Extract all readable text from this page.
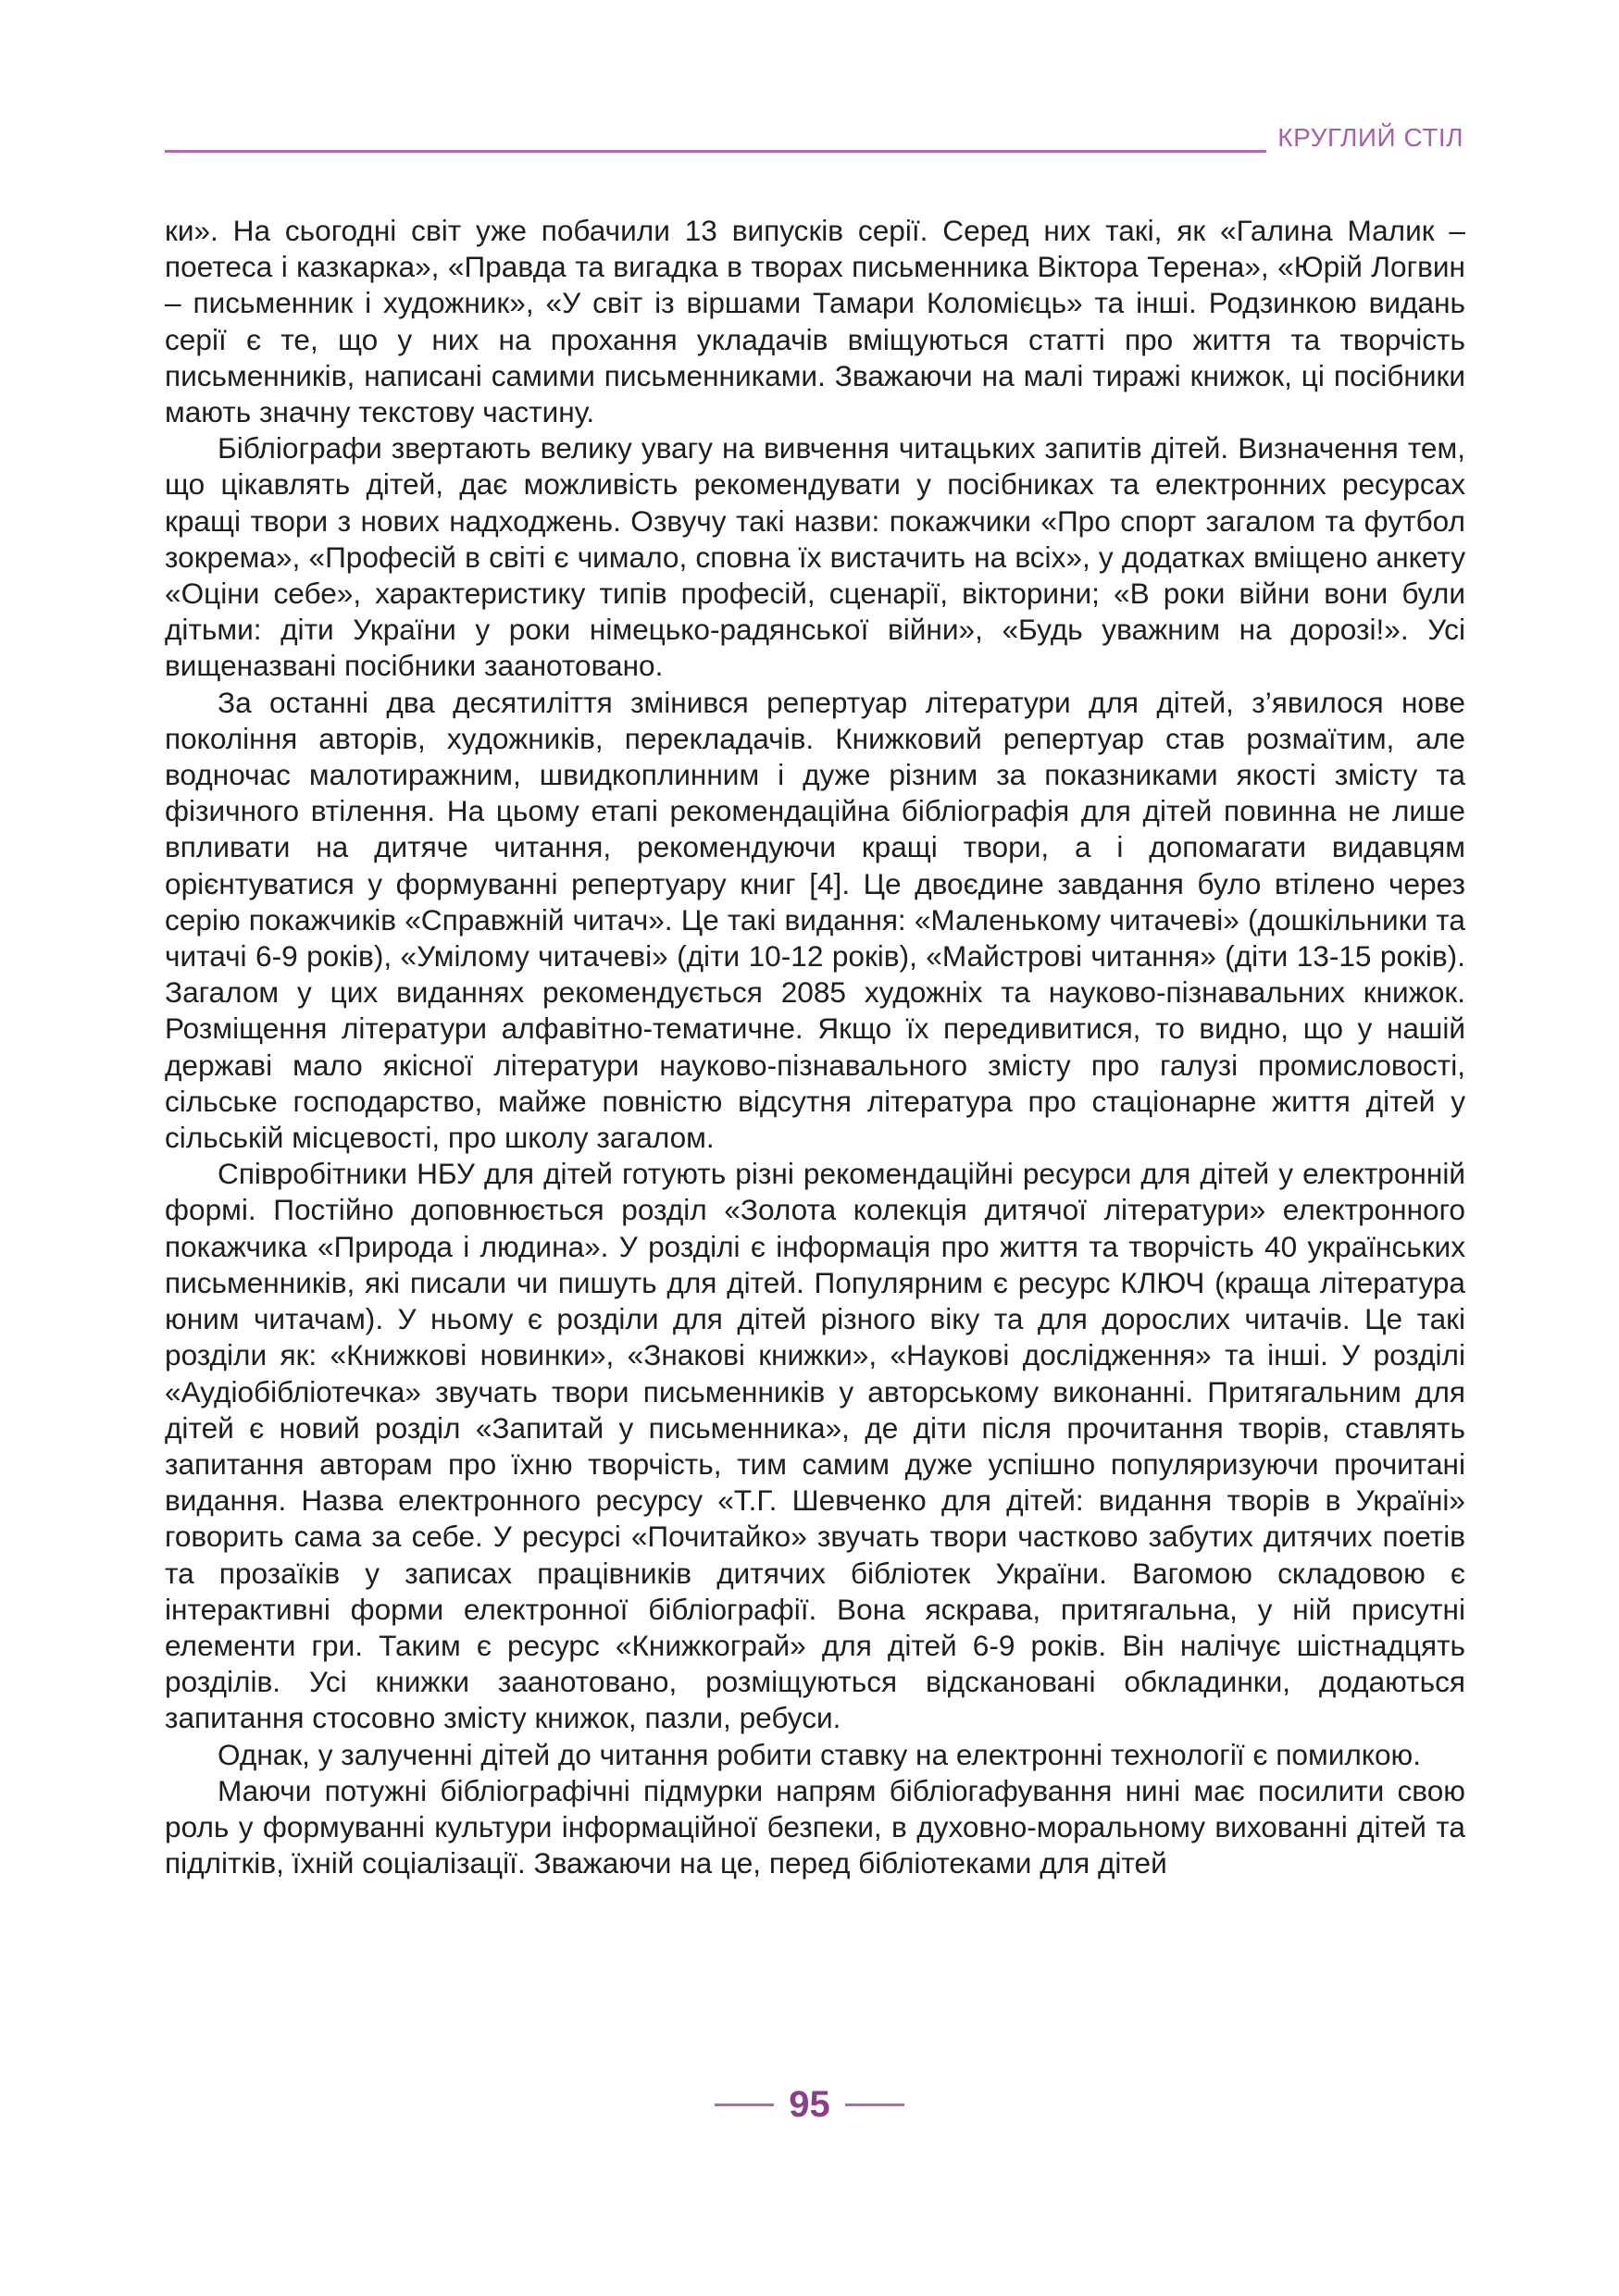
КРУГЛИЙ СТІЛ

ки». На сьогодні світ уже побачили 13 випусків серії. Серед них такі, як «Галина Малик – поетеса і казкарка», «Правда та вигадка в творах письменника Віктора Терена», «Юрій Логвин – письменник і художник», «У світ із віршами Тамари Коломієць» та інші. Родзинкою видань серії є те, що у них на прохання укладачів вміщуються статті про життя та творчість письменників, написані самими письменниками. Зважаючи на малі тиражі книжок, ці посібники мають значну текстову частину.

Бібліографи звертають велику увагу на вивчення читацьких запитів дітей. Визначення тем, що цікавлять дітей, дає можливість рекомендувати у посібниках та електронних ресурсах кращі твори з нових надходжень. Озвучу такі назви: покажчики «Про спорт загалом та футбол зокрема», «Професій в світі є чимало, сповна їх вистачить на всіх», у додатках вміщено анкету «Оціни себе», характеристику типів професій, сценарії, вікторини; «В роки війни вони були дітьми: діти України у роки німецько-радянської війни», «Будь уважним на дорозі!». Усі вищеназвані посібники заанотовано.

За останні два десятиліття змінився репертуар літератури для дітей, з’явилося нове покоління авторів, художників, перекладачів. Книжковий репертуар став розмаїтим, але водночас малотиражним, швидкоплинним і дуже різним за показниками якості змісту та фізичного втілення. На цьому етапі рекомендаційна бібліографія для дітей повинна не лише впливати на дитяче читання, рекомендуючи кращі твори, а і допомагати видавцям орієнтуватися у формуванні репертуару книг [4]. Це двоєдине завдання було втілено через серію покажчиків «Справжній читач». Це такі видання: «Маленькому читачеві» (дошкільники та читачі 6-9 років), «Умілому читачеві» (діти 10-12 років), «Майстрові читання» (діти 13-15 років). Загалом у цих виданнях рекомендується 2085 художніх та науково-пізнавальних книжок. Розміщення літератури алфавітно-тематичне. Якщо їх передивитися, то видно, що у нашій державі мало якісної літератури науково-пізнавального змісту про галузі промисловості, сільське господарство, майже повністю відсутня література про стаціонарне життя дітей у сільській місцевості, про школу загалом.

Співробітники НБУ для дітей готують різні рекомендаційні ресурси для дітей у електронній формі. Постійно доповнюється розділ «Золота колекція дитячої літератури» електронного покажчика «Природа і людина». У розділі є інформація про життя та творчість 40 українських письменників, які писали чи пишуть для дітей. Популярним є ресурс КЛЮЧ (краща література юним читачам). У ньому є розділи для дітей різного віку та для дорослих читачів. Це такі розділи як: «Книжкові новинки», «Знакові книжки», «Наукові дослідження» та інші. У розділі «Аудіобібліотечка» звучать твори письменників у авторському виконанні. Притягальним для дітей є новий розділ «Запитай у письменника», де діти після прочитання творів, ставлять запитання авторам про їхню творчість, тим самим дуже успішно популяризуючи прочитані видання. Назва електронного ресурсу «Т.Г. Шевченко для дітей: видання творів в Україні» говорить сама за себе. У ресурсі «Почитайко» звучать твори частково забутих дитячих поетів та прозаїків у записах працівників дитячих бібліотек України. Вагомою складовою є інтерактивні форми електронної бібліографії. Вона яскрава, притягальна, у ній присутні елементи гри. Таким є ресурс «Книжкограй» для дітей 6-9 років. Він налічує шістнадцять розділів. Усі книжки заанотовано, розміщуються відскановані обкладинки, додаються запитання стосовно змісту книжок, пазли, ребуси.

Однак, у залученні дітей до читання робити ставку на електронні технології є помилкою.

Маючи потужні бібліографічні підмурки напрям бібліогафування нині має посилити свою роль у формуванні культури інформаційної безпеки, в духовно-моральному вихованні дітей та підлітків, їхній соціалізації. Зважаючи на це, перед бібліотеками для дітей

95
